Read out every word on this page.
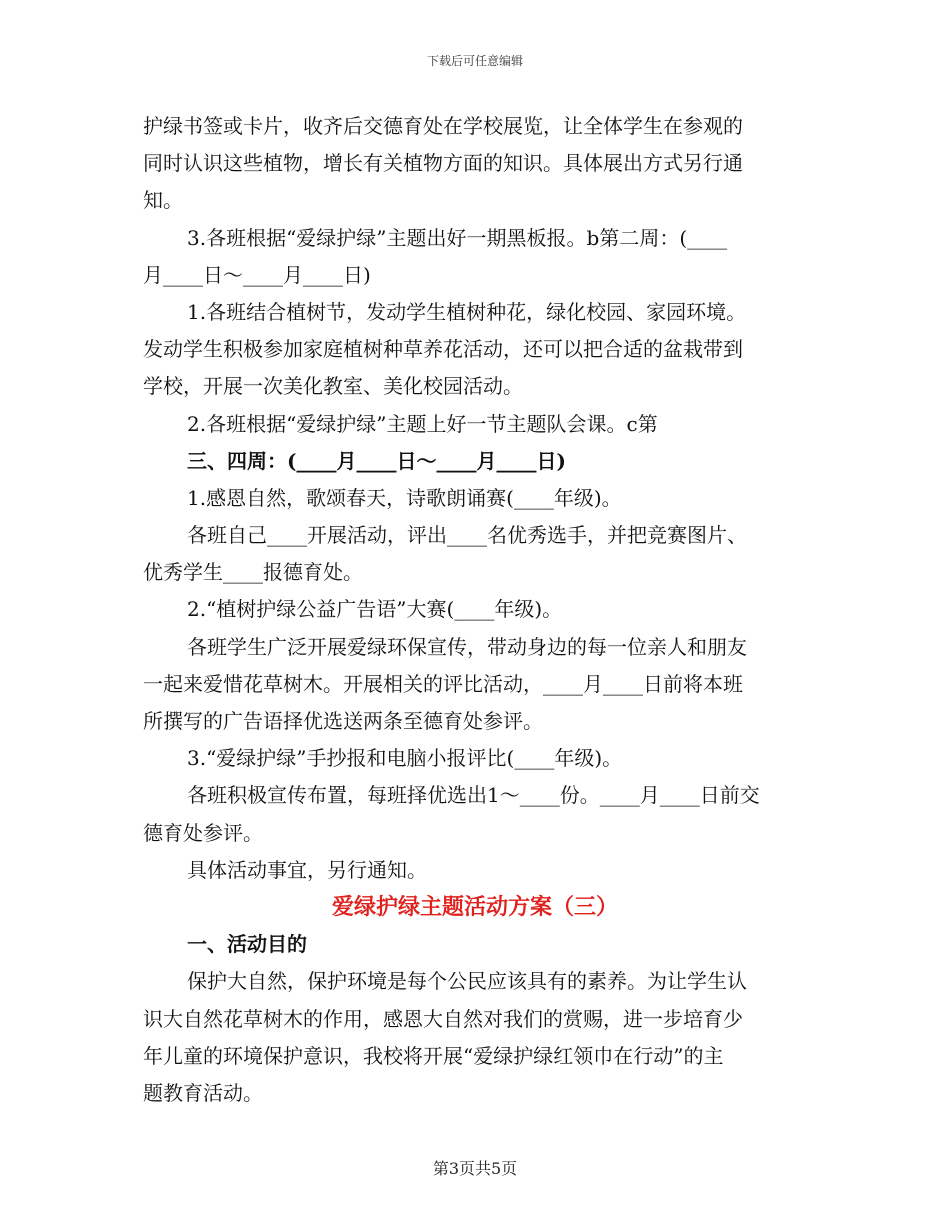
下载后可任意编辑
护绿书签或卡片，收齐后交德育处在学校展览，让全体学生在参观的
同时认识这些植物，增长有关植物方面的知识。具体展出方式另行通
知。
3.各班根据“爱绿护绿”主题出好一期黑板报。b第二周：(____
月____日～____月____日)
1.各班结合植树节，发动学生植树种花，绿化校园、家园环境。
发动学生积极参加家庭植树种草养花活动，还可以把合适的盆栽带到
学校，开展一次美化教室、美化校园活动。
2.各班根据“爱绿护绿”主题上好一节主题队会课。c第
三、四周：(____月____日～____月____日)
1.感恩自然，歌颂春天，诗歌朗诵赛(____年级)。
各班自己____开展活动，评出____名优秀选手，并把竞赛图片、
优秀学生____报德育处。
2.“植树护绿公益广告语”大赛(____年级)。
各班学生广泛开展爱绿环保宣传，带动身边的每一位亲人和朋友
一起来爱惜花草树木。开展相关的评比活动，____月____日前将本班
所撰写的广告语择优选送两条至德育处参评。
3.“爱绿护绿”手抄报和电脑小报评比(____年级)。
各班积极宣传布置，每班择优选出1～____份。____月____日前交
德育处参评。
具体活动事宜，另行通知。
爱绿护绿主题活动方案（三）
一、活动目的
保护大自然，保护环境是每个公民应该具有的素养。为让学生认
识大自然花草树木的作用，感恩大自然对我们的赏赐，进一步培育少
年儿童的环境保护意识，我校将开展“爱绿护绿红领巾在行动”的主
题教育活动。
第3页共5页
